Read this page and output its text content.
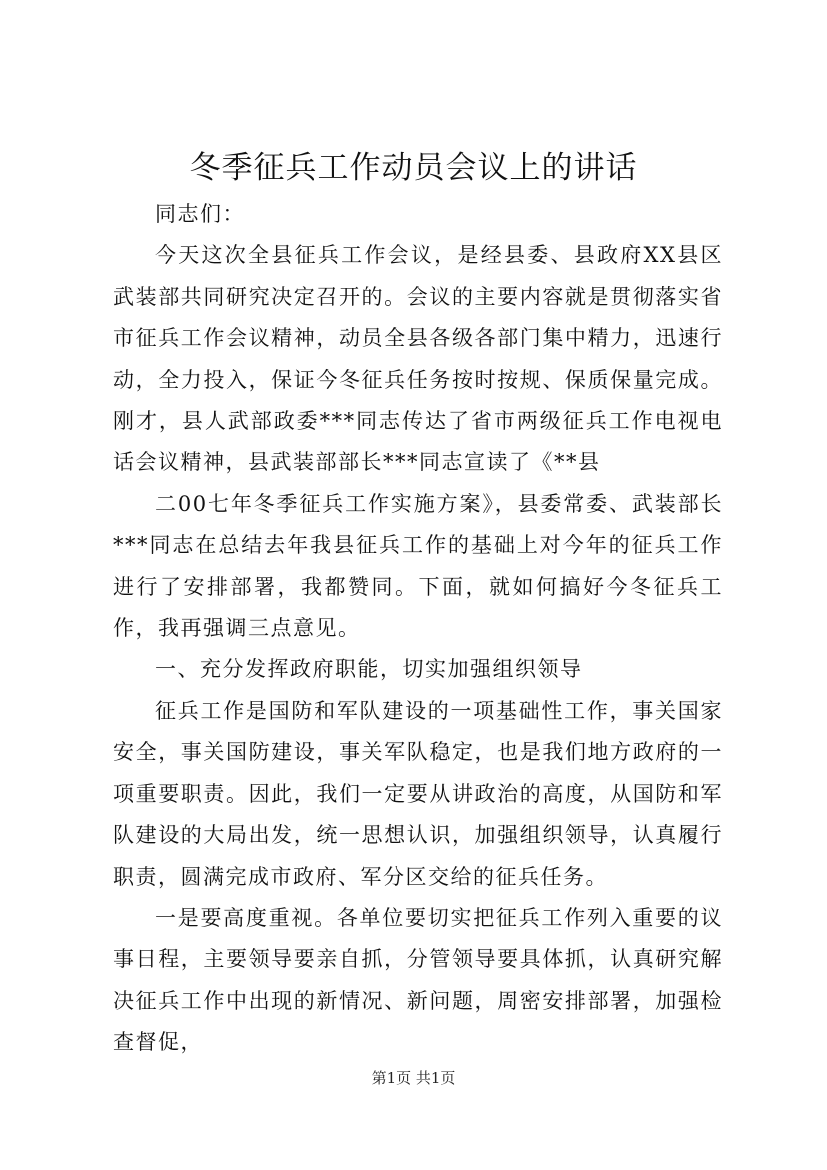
冬季征兵工作动员会议上的讲话

同志们：

今天这次全县征兵工作会议，是经县委、县政府XX县区武装部共同研究决定召开的。会议的主要内容就是贯彻落实省市征兵工作会议精神，动员全县各级各部门集中精力，迅速行动，全力投入，保证今冬征兵任务按时按规、保质保量完成。刚才，县人武部政委***同志传达了省市两级征兵工作电视电话会议精神，县武装部部长***同志宣读了《**县

二00七年冬季征兵工作实施方案》，县委常委、武装部长***同志在总结去年我县征兵工作的基础上对今年的征兵工作进行了安排部署，我都赞同。下面，就如何搞好今冬征兵工作，我再强调三点意见。

一、充分发挥政府职能，切实加强组织领导

征兵工作是国防和军队建设的一项基础性工作，事关国家安全，事关国防建设，事关军队稳定，也是我们地方政府的一项重要职责。因此，我们一定要从讲政治的高度，从国防和军队建设的大局出发，统一思想认识，加强组织领导，认真履行职责，圆满完成市政府、军分区交给的征兵任务。

一是要高度重视。各单位要切实把征兵工作列入重要的议事日程，主要领导要亲自抓，分管领导要具体抓，认真研究解决征兵工作中出现的新情况、新问题，周密安排部署，加强检查督促，

第1页 共1页
